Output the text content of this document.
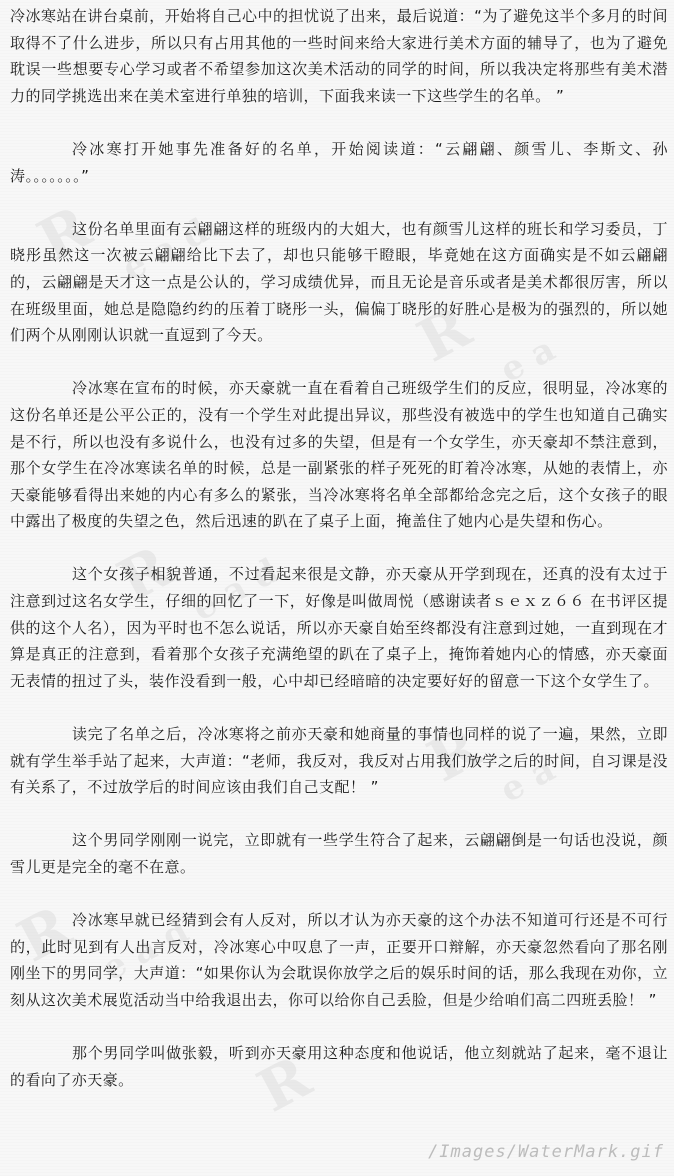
R e a d
R e a
R e a d
R e a
R e a d
R

冷冰寒站在讲台桌前，开始将自己心中的担忧说了出来，最后说道：“为了避免这半个多月的时间取得不了什么进步，所以只有占用其他的一些时间来给大家进行美术方面的辅导了，也为了避免耽误一些想要专心学习或者不希望参加这次美术活动的同学的时间，所以我决定将那些有美术潜力的同学挑选出来在美术室进行单独的培训，下面我来读一下这些学生的名单。 ”

冷冰寒打开她事先准备好的名单，开始阅读道：“云翩翩、颜雪儿、李斯文、孙涛。。。。。。。”

这份名单里面有云翩翩这样的班级内的大姐大，也有颜雪儿这样的班长和学习委员，丁晓彤虽然这一次被云翩翩给比下去了，却也只能够干瞪眼，毕竟她在这方面确实是不如云翩翩的，云翩翩是天才这一点是公认的，学习成绩优异，而且无论是音乐或者是美术都很厉害，所以在班级里面，她总是隐隐约约的压着丁晓彤一头，偏偏丁晓彤的好胜心是极为的强烈的，所以她们两个从刚刚认识就一直逗到了今天。

冷冰寒在宣布的时候，亦天豪就一直在看着自己班级学生们的反应，很明显，冷冰寒的这份名单还是公平公正的，没有一个学生对此提出异议，那些没有被选中的学生也知道自己确实是不行，所以也没有多说什么，也没有过多的失望，但是有一个女学生，亦天豪却不禁注意到，那个女学生在冷冰寒读名单的时候，总是一副紧张的样子死死的盯着冷冰寒，从她的表情上，亦天豪能够看得出来她的内心有多么的紧张，当冷冰寒将名单全部都给念完之后，这个女孩子的眼中露出了极度的失望之色，然后迅速的趴在了桌子上面，掩盖住了她内心是失望和伤心。

这个女孩子相貌普通，不过看起来很是文静，亦天豪从开学到现在，还真的没有太过于注意到过这名女学生，仔细的回忆了一下，好像是叫做周悦（感谢读者ｓｅｘｚ６６ 在书评区提供的这个人名），因为平时也不怎么说话，所以亦天豪自始至终都没有注意到过她，一直到现在才算是真正的注意到，看着那个女孩子充满绝望的趴在了桌子上，掩饰着她内心的情感，亦天豪面无表情的扭过了头，装作没看到一般，心中却已经暗暗的决定要好好的留意一下这个女学生了。

读完了名单之后，冷冰寒将之前亦天豪和她商量的事情也同样的说了一遍，果然，立即就有学生举手站了起来，大声道：“老师，我反对，我反对占用我们放学之后的时间，自习课是没有关系了，不过放学后的时间应该由我们自己支配！ ”

这个男同学刚刚一说完，立即就有一些学生符合了起来，云翩翩倒是一句话也没说，颜雪儿更是完全的毫不在意。

冷冰寒早就已经猜到会有人反对，所以才认为亦天豪的这个办法不知道可行还是不可行的，此时见到有人出言反对，冷冰寒心中叹息了一声，正要开口辩解，亦天豪忽然看向了那名刚刚坐下的男同学，大声道：“如果你认为会耽误你放学之后的娱乐时间的话，那么我现在劝你，立刻从这次美术展览活动当中给我退出去，你可以给你自己丢脸，但是少给咱们高二四班丢脸！ ”

那个男同学叫做张毅，听到亦天豪用这种态度和他说话，他立刻就站了起来，毫不退让的看向了亦天豪。

/Images/WaterMark.gif
